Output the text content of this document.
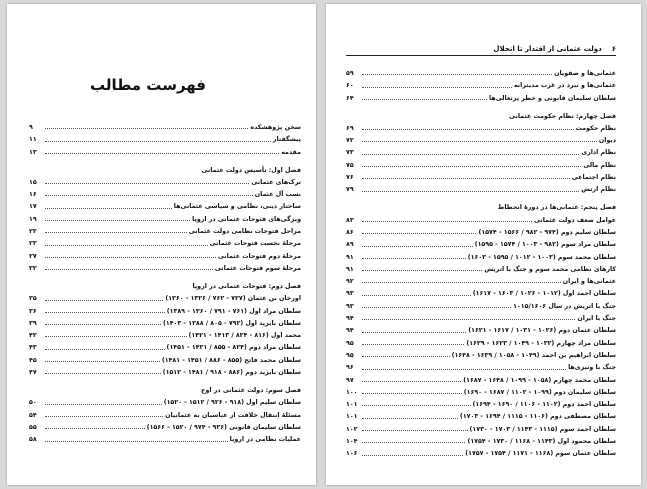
فهرست مطالب
سخن پژوهشکده
۹
پیشگفتار
۱۱
مقدمه
۱۳
فصل اول: تأسیس دولت عثمانی
ترک‌های عثمانی
۱۵
نسب آل عثمان
۱۶
ساختار دینی، نظامی و سیاسی عثمانی‌ها
۱۷
ویژگی‌های فتوحات عثمانی در اروپا
۱۹
مراحل فتوحات نظامی دولت عثمانی
۲۲
مرحلهٔ نخست فتوحات عثمانی
۲۳
مرحلهٔ دوم فتوحات عثمانی
۲۷
مرحلهٔ سوم فتوحات عثمانی
۳۲
فصل دوم: فتوحات عثمانی در اروپا
اورخان بن عثمان (۷۲۷ - ۷۶۲ / ۱۳۲۶ - ۱۳۶۰)
۳۵
سلطان مراد اول (۷۶۱ - ۷۹۱ / ۱۳۶۰ - ۱۳۸۹)
۳۶
سلطان بایزید اول (۷۹۲ - ۸۰۵ / ۱۳۸۸ - ۱۴۰۳)
۳۹
محمد اول (۸۱۶ - ۸۲۴ / ۱۴۱۳ - ۱۴۲۱)
۴۲
سلطان مراد دوم (۸۲۴ - ۸۵۵ / ۱۴۲۱ - ۱۴۵۱)
۴۳
سلطان محمد فاتح (۸۵۵ - ۸۸۶ / ۱۴۵۱ - ۱۴۸۱)
۴۵
سلطان بایزید دوم (۸۸۶ - ۹۱۸ / ۱۴۸۱ - ۱۵۱۲)
۴۷
فصل سوم: دولت عثمانی در اوج
سلطان سلیم اول (۹۱۸ - ۹۲۶ / ۱۵۱۲ - ۱۵۲۰)
۵۰
مسئلهٔ انتقال خلافت از عباسیان به عثمانیان
۵۴
سلطان سلیمان قانونی (۹۲۶ - ۹۷۴ / ۱۵۲۰ - ۱۵۶۶)
۵۵
عملیات نظامی در اروپا
۵۸
۶
دولت عثمانی از اقتدار تا انحلال
عثمانی‌ها و صفویان
۵۹
عثمانی‌ها و نبرد در غرب مدیترانه
۶۰
سلطان سلیمان قانونی و خطر پرتغالی‌ها
۶۴
فصل چهارم: نظام حکومت عثمانی
نظام حکومت
۶۹
دیوان
۷۲
نظام اداری
۷۳
نظام مالی
۷۵
نظام اجتماعی
۷۶
نظام ارتش
۷۹
فصل پنجم: عثمانی‌ها در دورهٔ انحطاط
عوامل ضعف دولت عثمانی
۸۳
سلطان سلیم دوم (۹۷۴ - ۹۸۲ / ۱۵۶۶ - ۱۵۷۴)
۸۶
سلطان مراد سوم (۹۸۲ - ۱۰۰۳ / ۱۵۷۴ - ۱۵۹۵)
۸۹
سلطان محمد سوم (۱۰۰۳ - ۱۰۱۲ / ۱۵۹۵ - ۱۶۰۳)
۹۱
کارهای نظامی محمد سوم و جنگ با اتریش
۹۱
عثمانی‌ها و ایران
۹۲
سلطان احمد اول (۱۰۱۲ - ۱۰۲۶ / ۱۶۰۳ - ۱۶۱۷)
۹۳
جنگ با اتریش در سال ۱۰۱۵/۱۶۰۶
۹۳
جنگ با ایران
۹۴
سلطان عثمان دوم (۱۰۲۶ - ۱۰۳۱ / ۱۶۱۷ - ۱۶۲۱)
۹۴
سلطان مراد چهارم (۱۰۳۲ - ۱۰۴۹ / ۱۶۲۳ - ۱۶۳۹)
۹۵
سلطان ابراهیم بن احمد (۱۰۴۹ - ۱۰۵۸ / ۱۶۳۹ - ۱۶۴۸)
۹۵
جنگ با ونیزی‌ها
۹۶
سلطان محمد چهارم (۱۰۵۸ - ۱۰۹۹ / ۱۶۴۸ - ۱۶۸۷)
۹۷
سلطان سلیمان دوم (۱۰۹۹ - ۱۱۰۲ / ۱۶۸۷ - ۱۶۹۰)
۱۰۰
سلطان احمد دوم (۱۱۰۲ - ۱۱۰۶ / ۱۶۹۰ - ۱۶۹۴)
۱۰۱
سلطان مصطفی دوم (۱۱۰۶ - ۱۱۱۵ / ۱۶۹۴ - ۱۷۰۳)
۱۰۱
سلطان احمد سوم (۱۱۱۵ - ۱۱۴۳ / ۱۷۰۳ - ۱۷۳۰)
۱۰۲
سلطان محمود اول (۱۱۴۳ - ۱۱۶۸ / ۱۷۳۰ - ۱۷۵۴)
۱۰۴
سلطان عثمان سوم (۱۱۶۸ - ۱۱۷۱ / ۱۷۵۴ - ۱۷۵۷)
۱۰۶
